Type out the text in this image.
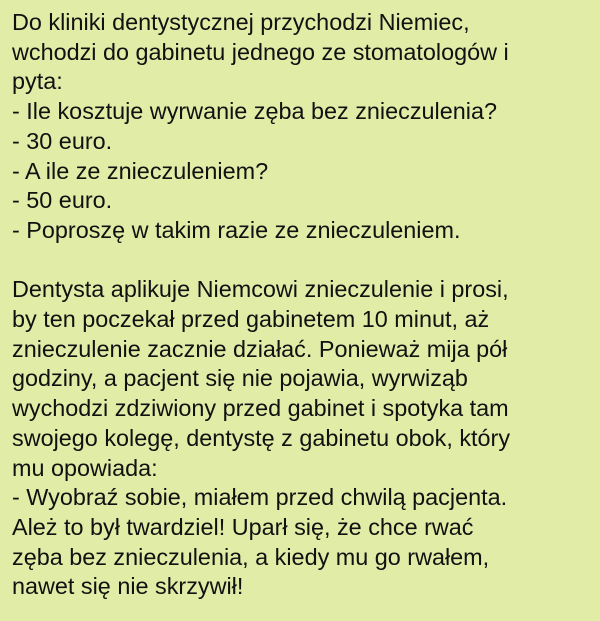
Do kliniki dentystycznej przychodzi Niemiec,
wchodzi do gabinetu jednego ze stomatologów i
pyta:
- Ile kosztuje wyrwanie zęba bez znieczulenia?
- 30 euro.
- A ile ze znieczuleniem?
- 50 euro.
- Poproszę w takim razie ze znieczuleniem.
Dentysta aplikuje Niemcowi znieczulenie i prosi,
by ten poczekał przed gabinetem 10 minut, aż
znieczulenie zacznie działać. Ponieważ mija pół
godziny, a pacjent się nie pojawia, wyrwiząb
wychodzi zdziwiony przed gabinet i spotyka tam
swojego kolegę, dentystę z gabinetu obok, który
mu opowiada:
- Wyobraź sobie, miałem przed chwilą pacjenta.
Ależ to był twardziel! Uparł się, że chce rwać
zęba bez znieczulenia, a kiedy mu go rwałem,
nawet się nie skrzywił!
